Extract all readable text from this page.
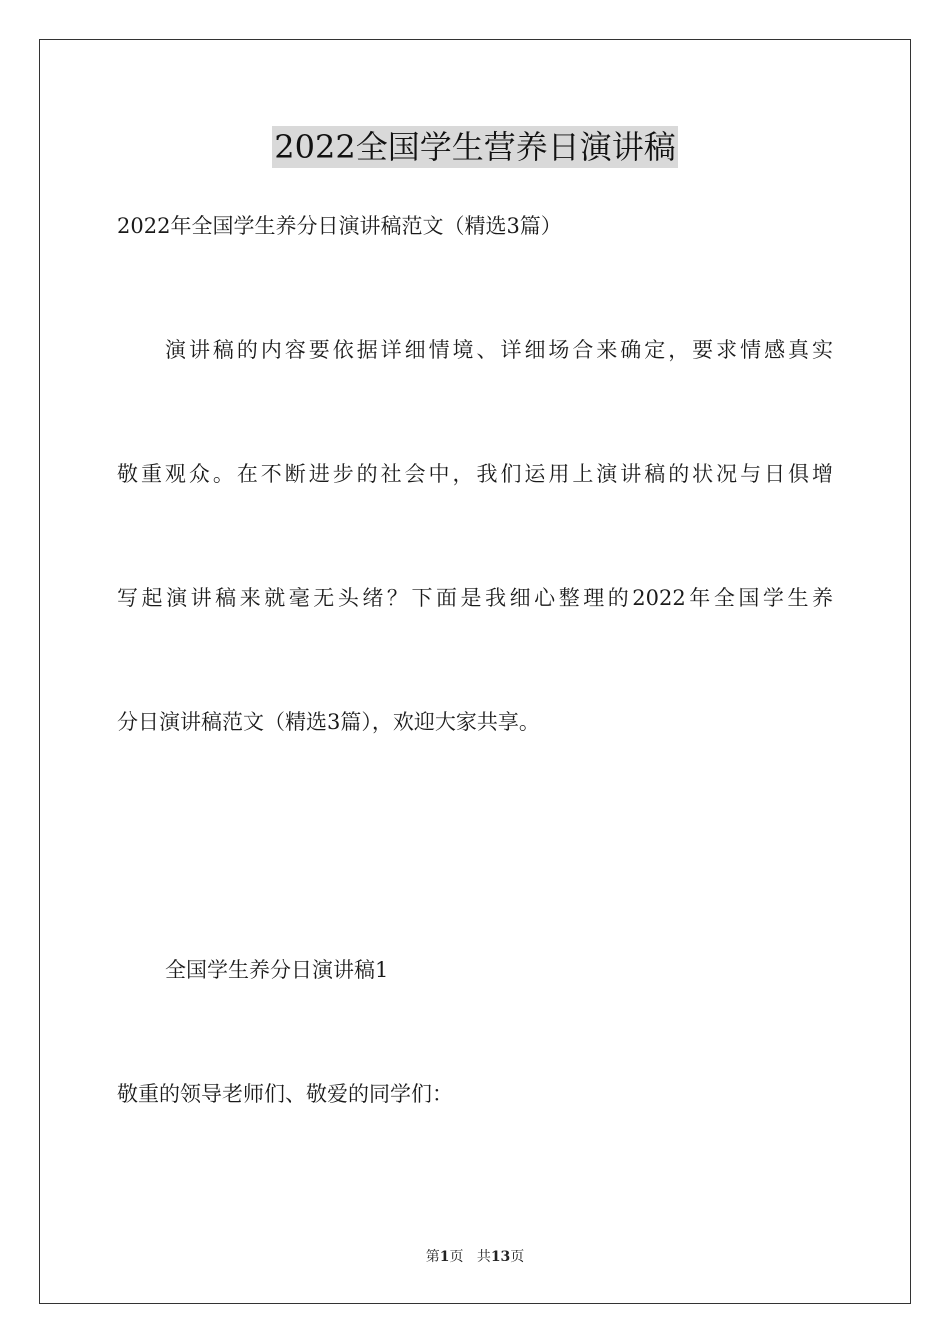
2022全国学生营养日演讲稿
2022年全国学生养分日演讲稿范文（精选3篇）
演讲稿的内容要依据详细情境、详细场合来确定，要求情感真实
敬重观众。在不断进步的社会中，我们运用上演讲稿的状况与日俱增
写起演讲稿来就毫无头绪？下面是我细心整理的2022年全国学生养
分日演讲稿范文（精选3篇），欢迎大家共享。
全国学生养分日演讲稿1
敬重的领导老师们、敬爱的同学们：
第1页 共13页
